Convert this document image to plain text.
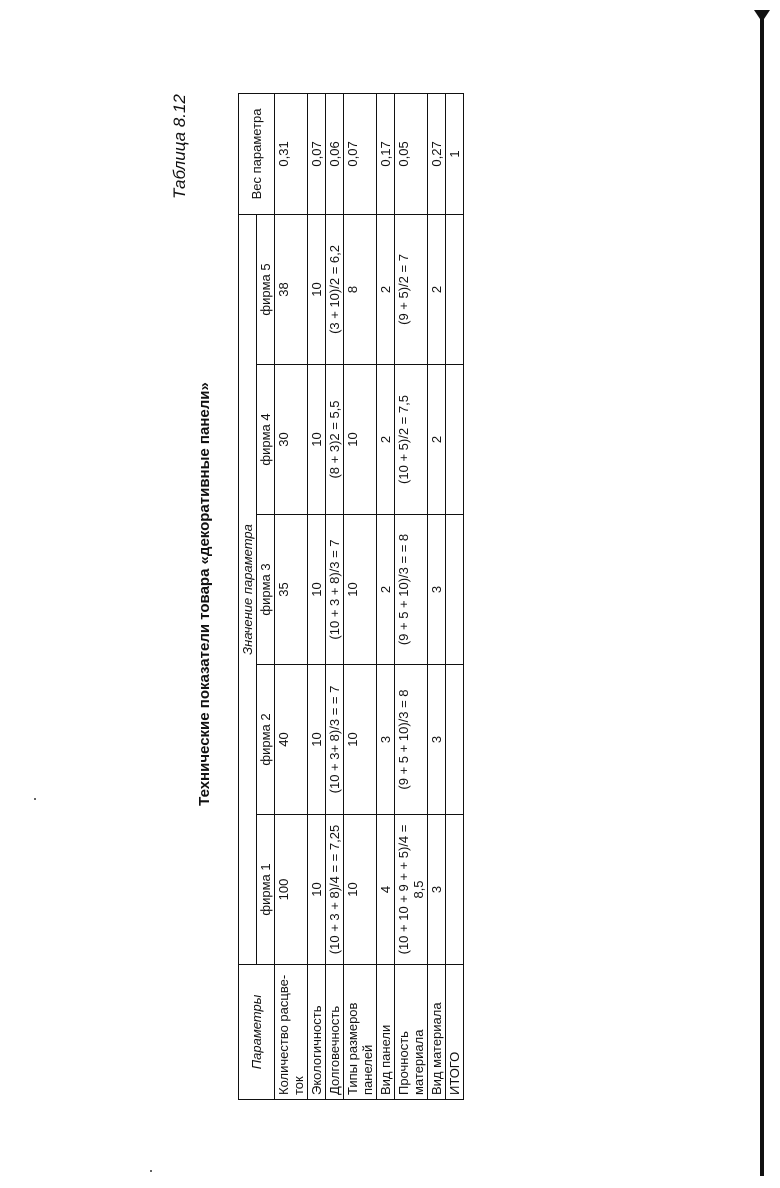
Таблица 8.12
Технические показатели товара «декоративные панели»
Параметры	Значение параметра					Вес параметра
	фирма 1	фирма 2	фирма 3	фирма 4	фирма 5	
Количество расцве-ток	100	40	35	30	38	0,31
Экологичность	10	10	10	10	10	0,07
Долговечность	(10 + 3 + 8)/4 = = 7,25	(10 + 3+ 8)/3 = = 7	(10 + 3 + 8)/3 = 7	(8 + 3)2 = 5,5	(3 + 10)/2 = 6,2	0,06
Типы размеров панелей	10	10	10	10	8	0,07
Вид панели	4	3	2	2	2	0,17
Прочность материала	(10 + 10 + 9 + + 5)/4 = 8,5	(9 + 5 + 10)/3 = 8	(9 + 5 + 10)/3 = = 8	(10 + 5)/2 = 7,5	(9 + 5)/2 = 7	0,05
Вид материала	3	3	3	2	2	0,27
ИТОГО						1
